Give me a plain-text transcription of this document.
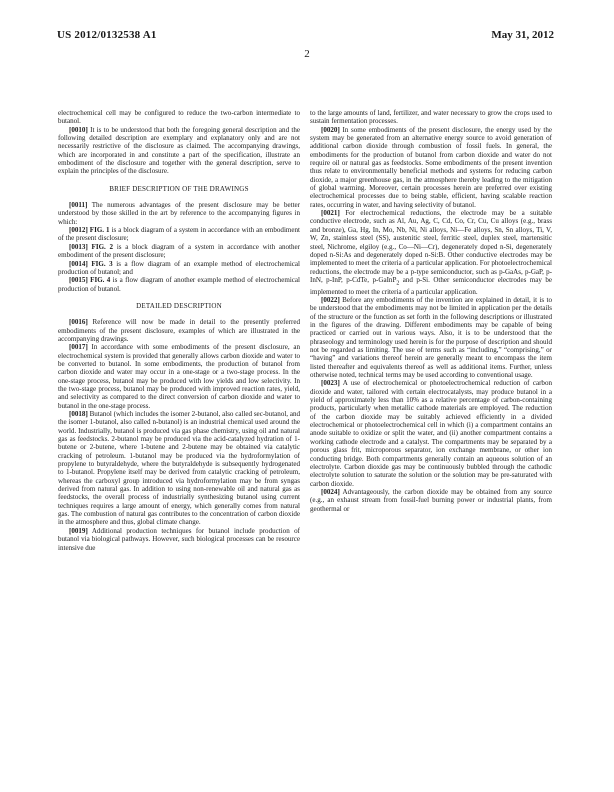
US 2012/0132538 A1	May 31, 2012
2

electrochemical cell may be configured to reduce the two-carbon intermediate to butanol.

[0010] It is to be understood that both the foregoing general description and the following detailed description are exemplary and explanatory only and are not necessarily restrictive of the disclosure as claimed. The accompanying drawings, which are incorporated in and constitute a part of the specification, illustrate an embodiment of the disclosure and together with the general description, serve to explain the principles of the disclosure.

BRIEF DESCRIPTION OF THE DRAWINGS

[0011] The numerous advantages of the present disclosure may be better understood by those skilled in the art by reference to the accompanying figures in which:

[0012] FIG. 1 is a block diagram of a system in accordance with an embodiment of the present disclosure;

[0013] FIG. 2 is a block diagram of a system in accordance with another embodiment of the present disclosure;

[0014] FIG. 3 is a flow diagram of an example method of electrochemical production of butanol; and

[0015] FIG. 4 is a flow diagram of another example method of electrochemical production of butanol.

DETAILED DESCRIPTION

[0016] Reference will now be made in detail to the presently preferred embodiments of the present disclosure, examples of which are illustrated in the accompanying drawings.

[0017] In accordance with some embodiments of the present disclosure, an electrochemical system is provided that generally allows carbon dioxide and water to be converted to butanol. In some embodiments, the production of butanol from carbon dioxide and water may occur in a one-stage or a two-stage process. In the one-stage process, butanol may be produced with low yields and low selectivity. In the two-stage process, butanol may be produced with improved reaction rates, yield, and selectivity as compared to the direct conversion of carbon dioxide and water to butanol in the one-stage process.

[0018] Butanol (which includes the isomer 2-butanol, also called sec-butanol, and the isomer 1-butanol, also called n-butanol) is an industrial chemical used around the world. Industrially, butanol is produced via gas phase chemistry, using oil and natural gas as feedstocks. 2-butanol may be produced via the acid-catalyzed hydration of 1-butene or 2-butene, where 1-butene and 2-butene may be obtained via catalytic cracking of petroleum. 1-butanol may be produced via the hydroformylation of propylene to butyraldehyde, where the butyraldehyde is subsequently hydrogenated to 1-butanol. Propylene itself may be derived from catalytic cracking of petroleum, whereas the carboxyl group introduced via hydroformylation may be from syngas derived from natural gas. In addition to using non-renewable oil and natural gas as feedstocks, the overall process of industrially synthesizing butanol using current techniques requires a large amount of energy, which generally comes from natural gas. The combustion of natural gas contributes to the concentration of carbon dioxide in the atmosphere and thus, global climate change.

[0019] Additional production techniques for butanol include production of butanol via biological pathways. However, such biological processes can be resource intensive due

to the large amounts of land, fertilizer, and water necessary to grow the crops used to sustain fermentation processes.

[0020] In some embodiments of the present disclosure, the energy used by the system may be generated from an alternative energy source to avoid generation of additional carbon dioxide through combustion of fossil fuels. In general, the embodiments for the production of butanol from carbon dioxide and water do not require oil or natural gas as feedstocks. Some embodiments of the present invention thus relate to environmentally beneficial methods and systems for reducing carbon dioxide, a major greenhouse gas, in the atmosphere thereby leading to the mitigation of global warming. Moreover, certain processes herein are preferred over existing electrochemical processes due to being stable, efficient, having scalable reaction rates, occurring in water, and having selectivity of butanol.

[0021] For electrochemical reductions, the electrode may be a suitable conductive electrode, such as Al, Au, Ag, C, Cd, Co, Cr, Cu, Cu alloys (e.g., brass and bronze), Ga, Hg, In, Mo, Nb, Ni, Ni alloys, Ni—Fe alloys, Sn, Sn alloys, Ti, V, W, Zn, stainless steel (SS), austenitic steel, ferritic steel, duplex steel, martensitic steel, Nichrome, elgiloy (e.g., Co—Ni—Cr), degenerately doped n-Si, degenerately doped n-Si:As and degenerately doped n-Si:B. Other conductive electrodes may be implemented to meet the criteria of a particular application. For photoelectrochemical reductions, the electrode may be a p-type semiconductor, such as p-GaAs, p-GaP, p-InN, p-InP, p-CdTe, p-GaInP$_2$ and p-Si. Other semiconductor electrodes may be implemented to meet the criteria of a particular application.

[0022] Before any embodiments of the invention are explained in detail, it is to be understood that the embodiments may not be limited in application per the details of the structure or the function as set forth in the following descriptions or illustrated in the figures of the drawing. Different embodiments may be capable of being practiced or carried out in various ways. Also, it is to be understood that the phraseology and terminology used herein is for the purpose of description and should not be regarded as limiting. The use of terms such as “including,” “comprising,” or “having” and variations thereof herein are generally meant to encompass the item listed thereafter and equivalents thereof as well as additional items. Further, unless otherwise noted, technical terms may be used according to conventional usage.

[0023] A use of electrochemical or photoelectrochemical reduction of carbon dioxide and water, tailored with certain electrocatalysts, may produce butanol in a yield of approximately less than 10% as a relative percentage of carbon-containing products, particularly when metallic cathode materials are employed. The reduction of the carbon dioxide may be suitably achieved efficiently in a divided electrochemical or photoelectrochemical cell in which (i) a compartment contains an anode suitable to oxidize or split the water, and (ii) another compartment contains a working cathode electrode and a catalyst. The compartments may be separated by a porous glass frit, microporous separator, ion exchange membrane, or other ion conducting bridge. Both compartments generally contain an aqueous solution of an electrolyte. Carbon dioxide gas may be continuously bubbled through the cathodic electrolyte solution to saturate the solution or the solution may be pre-saturated with carbon dioxide.

[0024] Advantageously, the carbon dioxide may be obtained from any source (e.g., an exhaust stream from fossil-fuel burning power or industrial plants, from geothermal or
